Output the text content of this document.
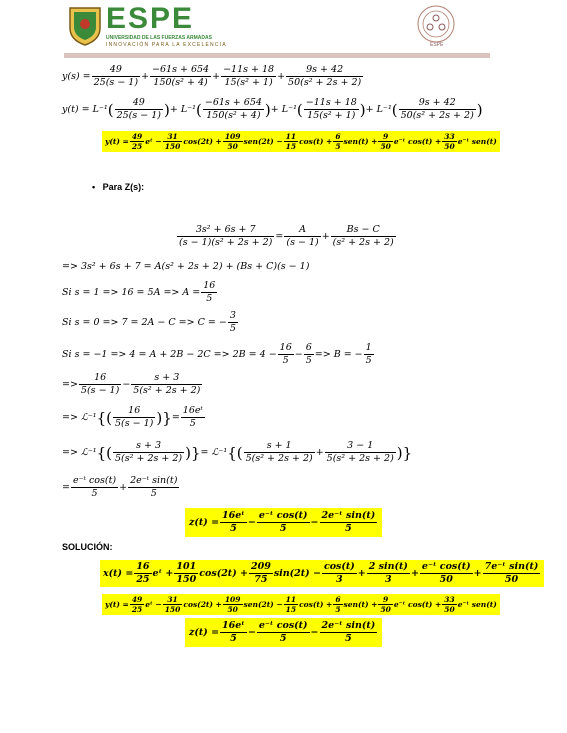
ESPE
UNIVERSIDAD DE LAS FUERZAS ARMADAS
INNOVACIÓN PARA LA EXCELENCIA	ESPE
$y(s) = \frac{49}{25(s - 1)} + \frac{-61s + 654}{\text{150(s² + 4)}} + \frac{-11s + 18}{\text{15(s² + 1)}} + \frac{9s + 42}{\text{50(s² + 2s + 2)}}$
y(t) = L⁻¹ ( $\frac{49}{25(s - 1)}$ ) + L⁻¹ ( $\frac{-61s + 654}{\text{150(s² + 4)}}$ ) + L⁻¹ ( $\frac{-11s + 18}{\text{15(s² + 1)}}$ ) + L⁻¹ ( $\frac{9s + 42}{\text{50(s² + 2s + 2)}}$ )
$y(t) = \frac{49}{25}$ eᵗ − $\frac{31}{150} \cos(2t) + \frac{109}{50} sen(2t) - \frac{11}{15} \cos(t) + \frac{6}{5} sen(t) + \frac{9}{50}$ e⁻ᵗ $\cos(t) + \frac{33}{50}$ e⁻ᵗ sen(t)
•   Para Z(s):
$\frac{\text{3s² + 6s + 7}}{\text{(s − 1)(s² + 2s + 2)}} = \frac{A}{(s - 1)} + \frac{Bs - C}{\text{(s² + 2s + 2)}}$
=> 3s² + 6s + 7 = A(s² + 2s + 2) + (Bs + C)(s − 1)
Si $s = 1 => 16 = 5A => A = \frac{16}{5}$
Si s = 0 => 7 = 2A − C => C = − $\frac{3}{5}$
Si $s = -1 => 4 = A + 2B - 2C => 2B = 4 - \frac{16}{5} - \frac{6}{5} => B$ = − $\frac{1}{5}$
=> $\frac{16}{5(s - 1)} - \frac{s + 3}{\text{5(s² + 2s + 2)}}$
=> ℒ⁻¹ {( $\frac{16}{5(s - 1)}$ )} = $\frac{\text{16eᵗ}}{5}$
=> ℒ⁻¹ {( $\frac{s + 3}{\text{5(s² + 2s + 2)}}$ )} = ℒ⁻¹ {( $\frac{s + 1}{\text{5(s² + 2s + 2)}} + \frac{3 - 1}{\text{5(s² + 2s + 2)}}$ )}
= $\frac{\text{e⁻ᵗ cos(t)}}{5} + \frac{\text{2e⁻ᵗ sin(t)}}{5}$
$z(t) = \frac{\text{16eᵗ}}{5} - \frac{\text{e⁻ᵗ cos(t)}}{5} - \frac{\text{2e⁻ᵗ sin(t)}}{5}$
SOLUCIÓN:
$x(t) = \frac{16}{25}$ eᵗ + $\frac{101}{150} \cos(2t) + \frac{209}{75} \sin(2t) - \frac{\cos(t)}{3} + \frac{2 \sin(t)}{3} + \frac{\text{e⁻ᵗ cos(t)}}{50} + \frac{\text{7e⁻ᵗ sin(t)}}{50}$
$y(t) = \frac{49}{25}$ eᵗ − $\frac{31}{150} \cos(2t) + \frac{109}{50} sen(2t) - \frac{11}{15} \cos(t) + \frac{6}{5} sen(t) + \frac{9}{50}$ e⁻ᵗ $\cos(t) + \frac{33}{50}$ e⁻ᵗ sen(t)
$z(t) = \frac{\text{16eᵗ}}{5} - \frac{\text{e⁻ᵗ cos(t)}}{5} - \frac{\text{2e⁻ᵗ sin(t)}}{5}$
